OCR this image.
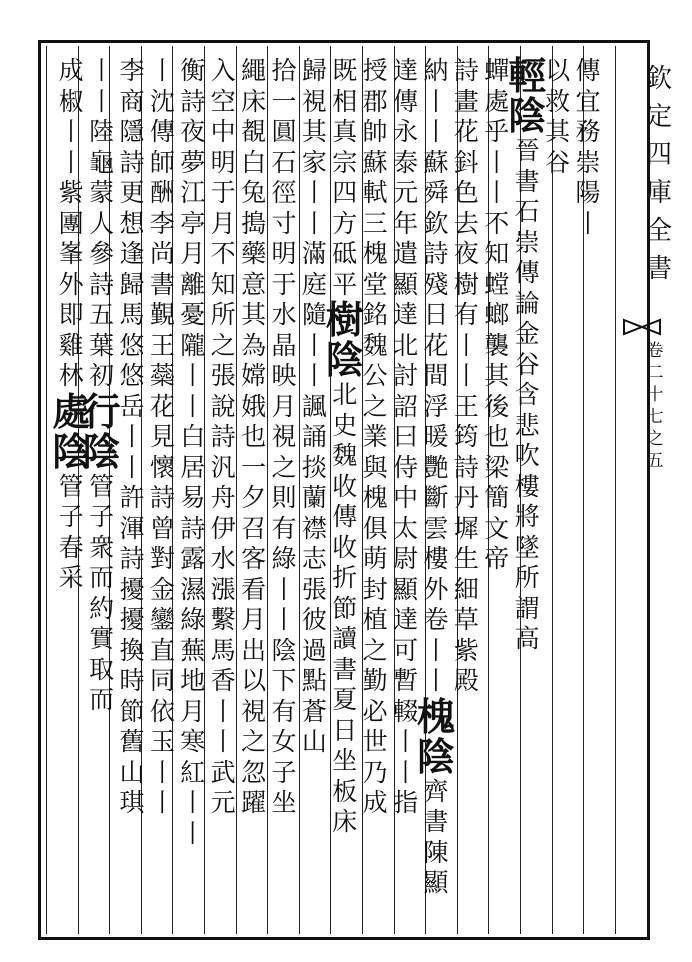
欽
定
四
庫
全
書
卷
二
十
七
之
五
傳
宜
務
崇
陽
丨
以
救
其
谷
輕
陰
晉
書
石
崇
傳
論
金
谷
含
悲
吹
樓
將
墜
所
謂
高
蟬
處
乎
丨
丨
不
知
螳
螂
襲
其
後
也
梁
簡
文
帝
詩
畫
花
鈄
色
去
夜
樹
有
丨
丨
王
筠
詩
丹
墀
生
細
草
紫
殿
納
丨
丨
蘇
舜
欽
詩
殘
日
花
間
浮
暖
艷
斷
雲
樓
外
卷
丨
丨
槐
陰
齊
書
陳
顯
達
傳
永
泰
元
年
遣
顯
達
北
討
詔
曰
侍
中
太
尉
顯
達
可
暫
輟
丨
丨
指
授
郡
帥
蘇
軾
三
槐
堂
銘
魏
公
之
業
與
槐
俱
萌
封
植
之
勤
必
世
乃
成
既
相
真
宗
四
方
砥
平
樹
陰
北
史
魏
收
傳
收
折
節
讀
書
夏
日
坐
板
床
歸
視
其
家
丨
丨
滿
庭
隨
丨
丨
諷
誦
掞
蘭
襟
志
張
彼
過
點
蒼
山
拾
一
圓
石
徑
寸
明
于
水
晶
映
月
視
之
則
有
綠
丨
丨
陰
下
有
女
子
坐
繩
床
覩
白
兔
搗
藥
意
其
為
嫦
娥
也
一
夕
召
客
看
月
出
以
視
之
忽
躍
入
空
中
明
于
月
不
知
所
之
張
說
詩
汎
舟
伊
水
漲
繫
馬
香
丨
丨
武
元
衡
詩
夜
夢
江
亭
月
離
憂
隴
丨
丨
白
居
易
詩
露
濕
綠
蕪
地
月
寒
紅
丨
丨
丨
沈
傳
師
酬
李
尚
書
覲
王
蘂
花
見
懷
詩
曾
對
金
鑾
直
同
依
玉
丨
丨
李
商
隱
詩
更
想
逢
歸
馬
悠
悠
岳
丨
丨
許
渾
詩
擾
擾
換
時
節
舊
山
琪
丨
丨
陸
龜
蒙
人
參
詩
五
葉
初
行
陰
管
子
衆
而
約
實
取
而
成
椒
丨
丨
紫
團
峯
外
即
雞
林
處
陰
管
子
春
采
